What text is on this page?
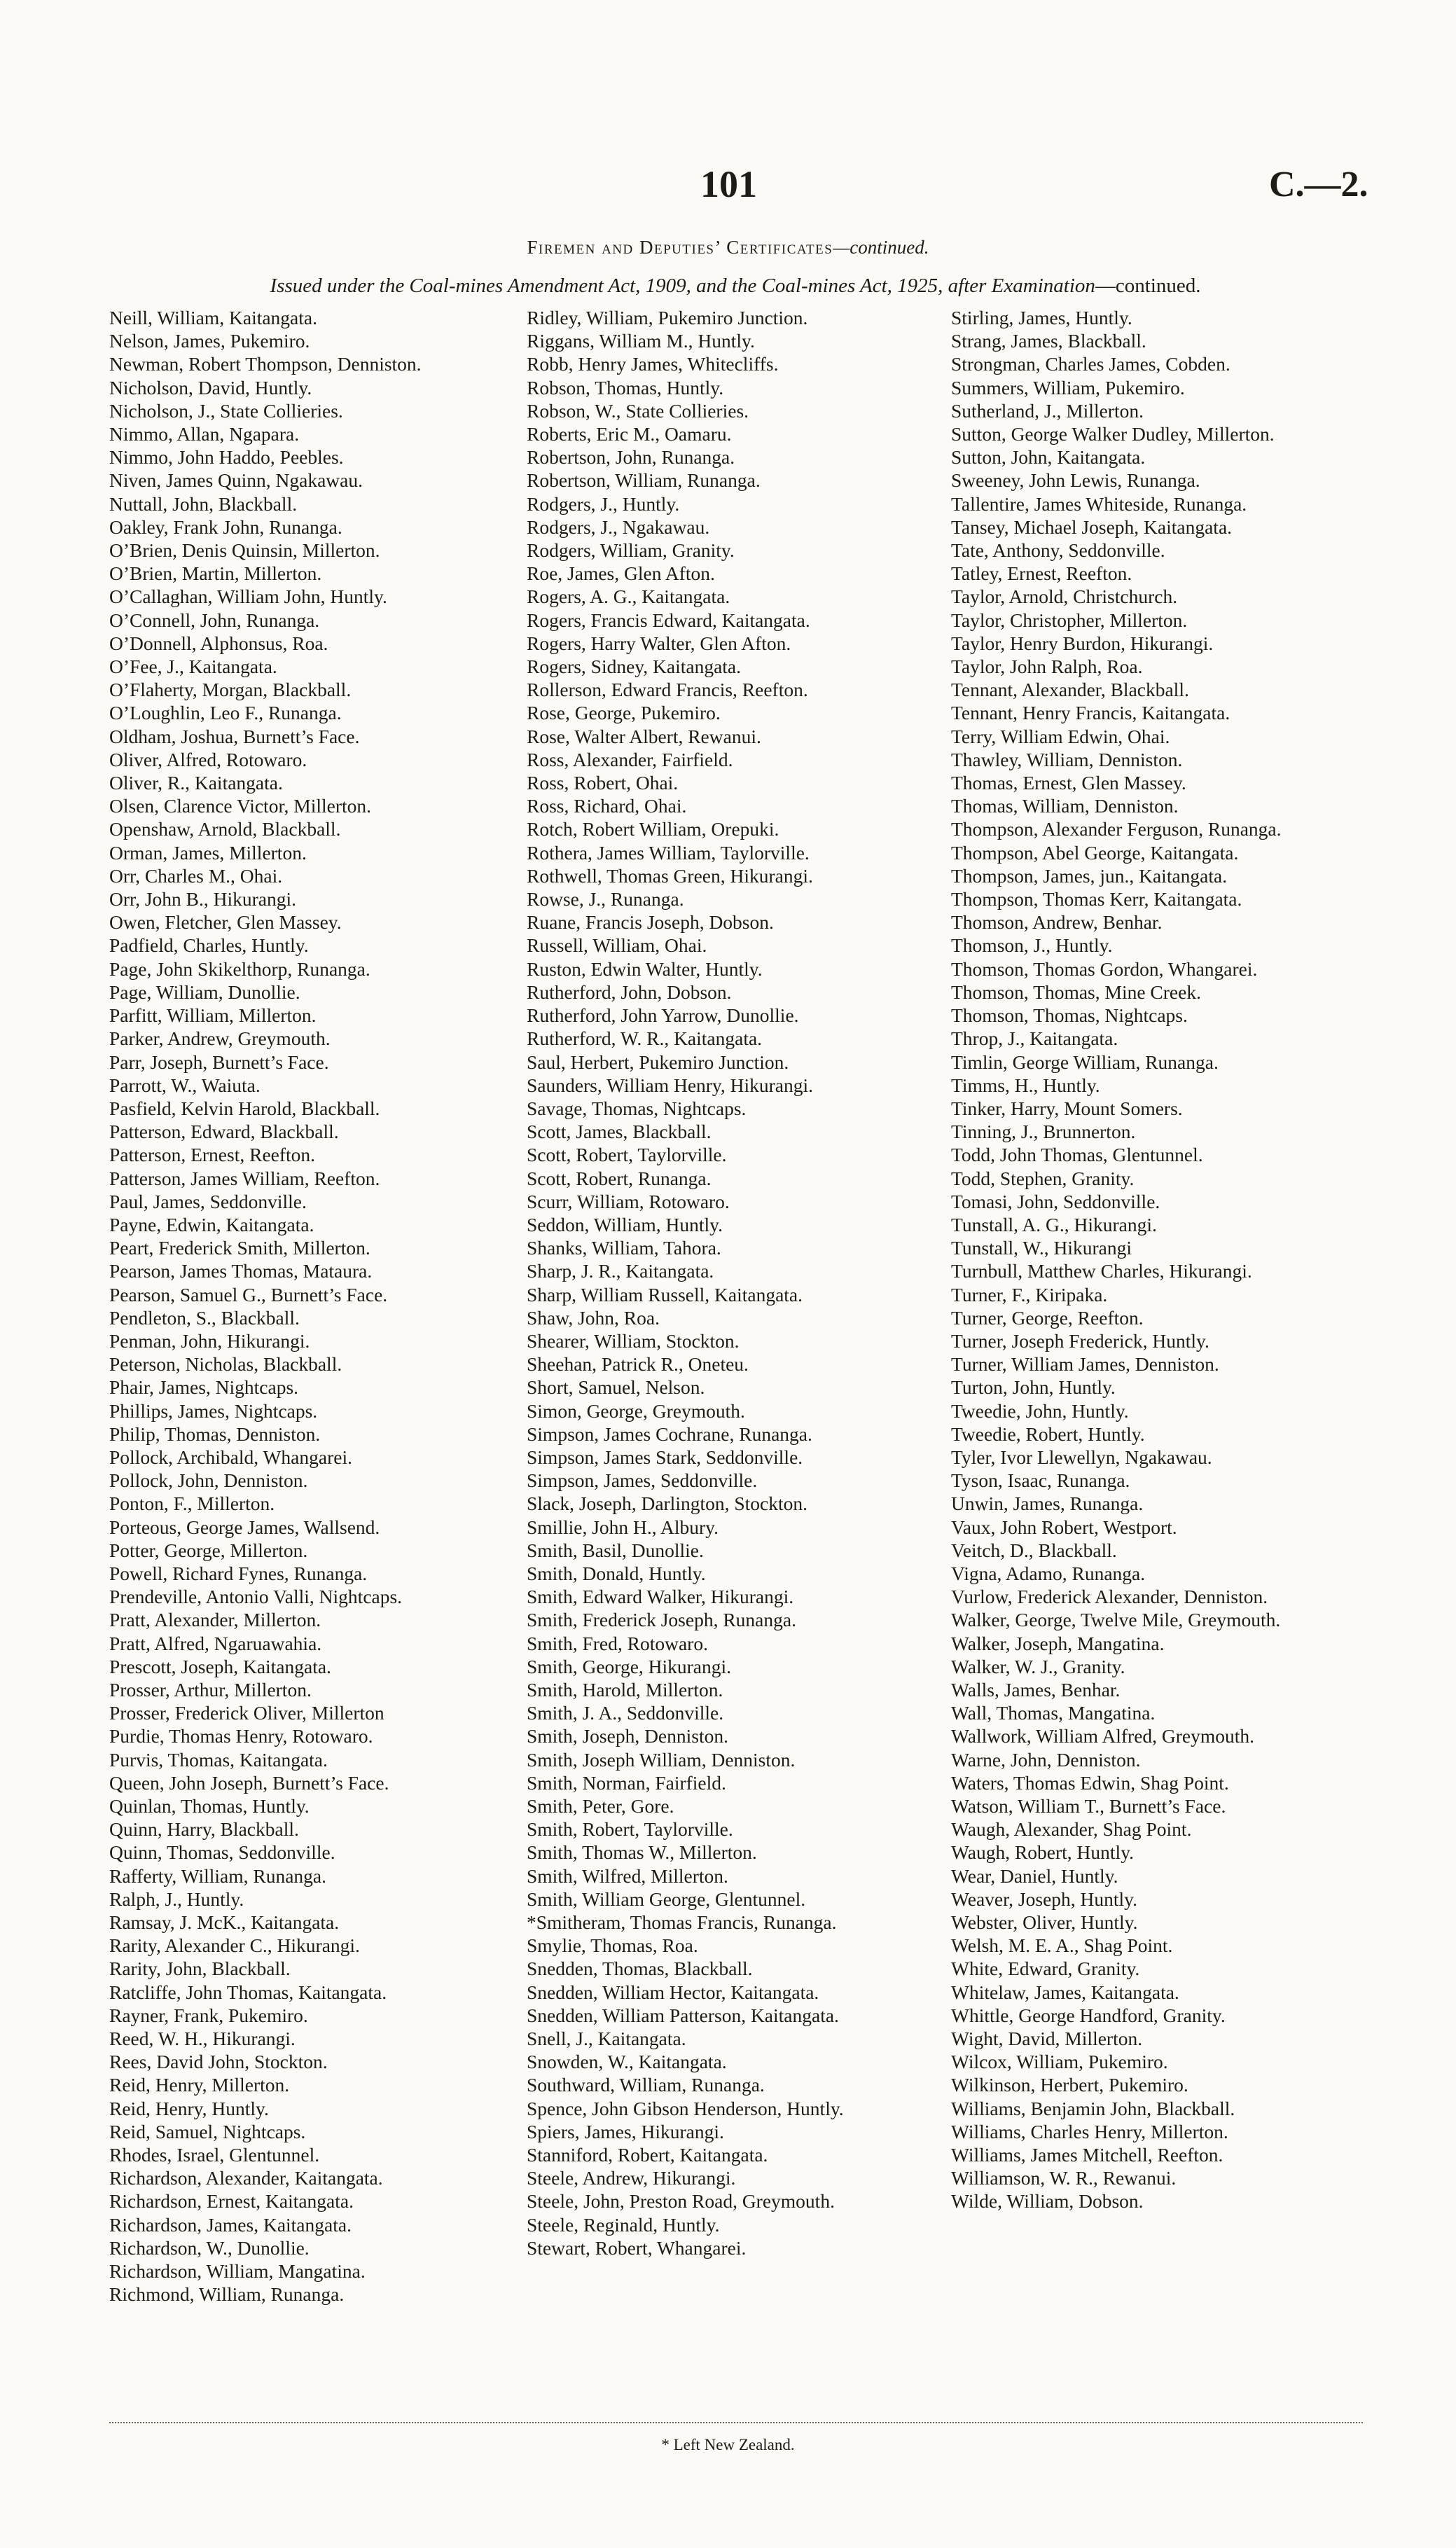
101	C.—2.
Firemen and Deputies’ Certificates—continued.
Issued under the Coal-mines Amendment Act, 1909, and the Coal-mines Act, 1925, after Examination—continued.
Neill, William, Kaitangata.
Nelson, James, Pukemiro.
Newman, Robert Thompson, Denniston.
Nicholson, David, Huntly.
Nicholson, J., State Collieries.
Nimmo, Allan, Ngapara.
Nimmo, John Haddo, Peebles.
Niven, James Quinn, Ngakawau.
Nuttall, John, Blackball.
Oakley, Frank John, Runanga.
O’Brien, Denis Quinsin, Millerton.
O’Brien, Martin, Millerton.
O’Callaghan, William John, Huntly.
O’Connell, John, Runanga.
O’Donnell, Alphonsus, Roa.
O’Fee, J., Kaitangata.
O’Flaherty, Morgan, Blackball.
O’Loughlin, Leo F., Runanga.
Oldham, Joshua, Burnett’s Face.
Oliver, Alfred, Rotowaro.
Oliver, R., Kaitangata.
Olsen, Clarence Victor, Millerton.
Openshaw, Arnold, Blackball.
Orman, James, Millerton.
Orr, Charles M., Ohai.
Orr, John B., Hikurangi.
Owen, Fletcher, Glen Massey.
Padfield, Charles, Huntly.
Page, John Skikelthorp, Runanga.
Page, William, Dunollie.
Parfitt, William, Millerton.
Parker, Andrew, Greymouth.
Parr, Joseph, Burnett’s Face.
Parrott, W., Waiuta.
Pasfield, Kelvin Harold, Blackball.
Patterson, Edward, Blackball.
Patterson, Ernest, Reefton.
Patterson, James William, Reefton.
Paul, James, Seddonville.
Payne, Edwin, Kaitangata.
Peart, Frederick Smith, Millerton.
Pearson, James Thomas, Mataura.
Pearson, Samuel G., Burnett’s Face.
Pendleton, S., Blackball.
Penman, John, Hikurangi.
Peterson, Nicholas, Blackball.
Phair, James, Nightcaps.
Phillips, James, Nightcaps.
Philip, Thomas, Denniston.
Pollock, Archibald, Whangarei.
Pollock, John, Denniston.
Ponton, F., Millerton.
Porteous, George James, Wallsend.
Potter, George, Millerton.
Powell, Richard Fynes, Runanga.
Prendeville, Antonio Valli, Nightcaps.
Pratt, Alexander, Millerton.
Pratt, Alfred, Ngaruawahia.
Prescott, Joseph, Kaitangata.
Prosser, Arthur, Millerton.
Prosser, Frederick Oliver, Millerton
Purdie, Thomas Henry, Rotowaro.
Purvis, Thomas, Kaitangata.
Queen, John Joseph, Burnett’s Face.
Quinlan, Thomas, Huntly.
Quinn, Harry, Blackball.
Quinn, Thomas, Seddonville.
Rafferty, William, Runanga.
Ralph, J., Huntly.
Ramsay, J. McK., Kaitangata.
Rarity, Alexander C., Hikurangi.
Rarity, John, Blackball.
Ratcliffe, John Thomas, Kaitangata.
Rayner, Frank, Pukemiro.
Reed, W. H., Hikurangi.
Rees, David John, Stockton.
Reid, Henry, Millerton.
Reid, Henry, Huntly.
Reid, Samuel, Nightcaps.
Rhodes, Israel, Glentunnel.
Richardson, Alexander, Kaitangata.
Richardson, Ernest, Kaitangata.
Richardson, James, Kaitangata.
Richardson, W., Dunollie.
Richardson, William, Mangatina.
Richmond, William, Runanga.
Ridley, William, Pukemiro Junction.
Riggans, William M., Huntly.
Robb, Henry James, Whitecliffs.
Robson, Thomas, Huntly.
Robson, W., State Collieries.
Roberts, Eric M., Oamaru.
Robertson, John, Runanga.
Robertson, William, Runanga.
Rodgers, J., Huntly.
Rodgers, J., Ngakawau.
Rodgers, William, Granity.
Roe, James, Glen Afton.
Rogers, A. G., Kaitangata.
Rogers, Francis Edward, Kaitangata.
Rogers, Harry Walter, Glen Afton.
Rogers, Sidney, Kaitangata.
Rollerson, Edward Francis, Reefton.
Rose, George, Pukemiro.
Rose, Walter Albert, Rewanui.
Ross, Alexander, Fairfield.
Ross, Robert, Ohai.
Ross, Richard, Ohai.
Rotch, Robert William, Orepuki.
Rothera, James William, Taylorville.
Rothwell, Thomas Green, Hikurangi.
Rowse, J., Runanga.
Ruane, Francis Joseph, Dobson.
Russell, William, Ohai.
Ruston, Edwin Walter, Huntly.
Rutherford, John, Dobson.
Rutherford, John Yarrow, Dunollie.
Rutherford, W. R., Kaitangata.
Saul, Herbert, Pukemiro Junction.
Saunders, William Henry, Hikurangi.
Savage, Thomas, Nightcaps.
Scott, James, Blackball.
Scott, Robert, Taylorville.
Scott, Robert, Runanga.
Scurr, William, Rotowaro.
Seddon, William, Huntly.
Shanks, William, Tahora.
Sharp, J. R., Kaitangata.
Sharp, William Russell, Kaitangata.
Shaw, John, Roa.
Shearer, William, Stockton.
Sheehan, Patrick R., Oneteu.
Short, Samuel, Nelson.
Simon, George, Greymouth.
Simpson, James Cochrane, Runanga.
Simpson, James Stark, Seddonville.
Simpson, James, Seddonville.
Slack, Joseph, Darlington, Stockton.
Smillie, John H., Albury.
Smith, Basil, Dunollie.
Smith, Donald, Huntly.
Smith, Edward Walker, Hikurangi.
Smith, Frederick Joseph, Runanga.
Smith, Fred, Rotowaro.
Smith, George, Hikurangi.
Smith, Harold, Millerton.
Smith, J. A., Seddonville.
Smith, Joseph, Denniston.
Smith, Joseph William, Denniston.
Smith, Norman, Fairfield.
Smith, Peter, Gore.
Smith, Robert, Taylorville.
Smith, Thomas W., Millerton.
Smith, Wilfred, Millerton.
Smith, William George, Glentunnel.
*Smitheram, Thomas Francis, Runanga.
Smylie, Thomas, Roa.
Snedden, Thomas, Blackball.
Snedden, William Hector, Kaitangata.
Snedden, William Patterson, Kaitangata.
Snell, J., Kaitangata.
Snowden, W., Kaitangata.
Southward, William, Runanga.
Spence, John Gibson Henderson, Huntly.
Spiers, James, Hikurangi.
Stanniford, Robert, Kaitangata.
Steele, Andrew, Hikurangi.
Steele, John, Preston Road, Greymouth.
Steele, Reginald, Huntly.
Stewart, Robert, Whangarei.
Stirling, James, Huntly.
Strang, James, Blackball.
Strongman, Charles James, Cobden.
Summers, William, Pukemiro.
Sutherland, J., Millerton.
Sutton, George Walker Dudley, Millerton.
Sutton, John, Kaitangata.
Sweeney, John Lewis, Runanga.
Tallentire, James Whiteside, Runanga.
Tansey, Michael Joseph, Kaitangata.
Tate, Anthony, Seddonville.
Tatley, Ernest, Reefton.
Taylor, Arnold, Christchurch.
Taylor, Christopher, Millerton.
Taylor, Henry Burdon, Hikurangi.
Taylor, John Ralph, Roa.
Tennant, Alexander, Blackball.
Tennant, Henry Francis, Kaitangata.
Terry, William Edwin, Ohai.
Thawley, William, Denniston.
Thomas, Ernest, Glen Massey.
Thomas, William, Denniston.
Thompson, Alexander Ferguson, Runanga.
Thompson, Abel George, Kaitangata.
Thompson, James, jun., Kaitangata.
Thompson, Thomas Kerr, Kaitangata.
Thomson, Andrew, Benhar.
Thomson, J., Huntly.
Thomson, Thomas Gordon, Whangarei.
Thomson, Thomas, Mine Creek.
Thomson, Thomas, Nightcaps.
Throp, J., Kaitangata.
Timlin, George William, Runanga.
Timms, H., Huntly.
Tinker, Harry, Mount Somers.
Tinning, J., Brunnerton.
Todd, John Thomas, Glentunnel.
Todd, Stephen, Granity.
Tomasi, John, Seddonville.
Tunstall, A. G., Hikurangi.
Tunstall, W., Hikurangi
Turnbull, Matthew Charles, Hikurangi.
Turner, F., Kiripaka.
Turner, George, Reefton.
Turner, Joseph Frederick, Huntly.
Turner, William James, Denniston.
Turton, John, Huntly.
Tweedie, John, Huntly.
Tweedie, Robert, Huntly.
Tyler, Ivor Llewellyn, Ngakawau.
Tyson, Isaac, Runanga.
Unwin, James, Runanga.
Vaux, John Robert, Westport.
Veitch, D., Blackball.
Vigna, Adamo, Runanga.
Vurlow, Frederick Alexander, Denniston.
Walker, George, Twelve Mile, Greymouth.
Walker, Joseph, Mangatina.
Walker, W. J., Granity.
Walls, James, Benhar.
Wall, Thomas, Mangatina.
Wallwork, William Alfred, Greymouth.
Warne, John, Denniston.
Waters, Thomas Edwin, Shag Point.
Watson, William T., Burnett’s Face.
Waugh, Alexander, Shag Point.
Waugh, Robert, Huntly.
Wear, Daniel, Huntly.
Weaver, Joseph, Huntly.
Webster, Oliver, Huntly.
Welsh, M. E. A., Shag Point.
White, Edward, Granity.
Whitelaw, James, Kaitangata.
Whittle, George Handford, Granity.
Wight, David, Millerton.
Wilcox, William, Pukemiro.
Wilkinson, Herbert, Pukemiro.
Williams, Benjamin John, Blackball.
Williams, Charles Henry, Millerton.
Williams, James Mitchell, Reefton.
Williamson, W. R., Rewanui.
Wilde, William, Dobson.
* Left New Zealand.
